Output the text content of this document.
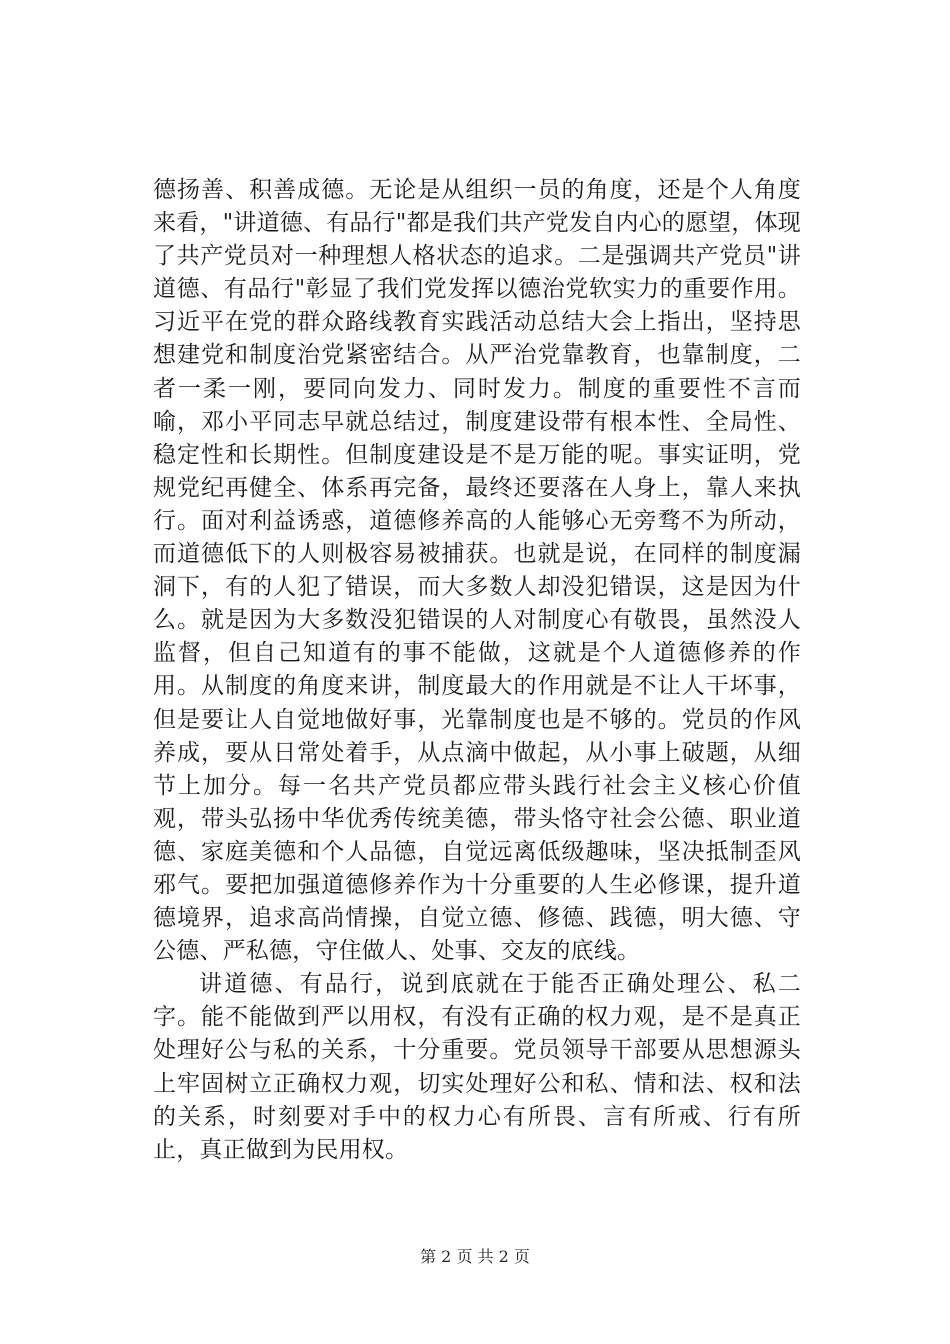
德扬善、积善成德。无论是从组织一员的角度，还是个人角度来看，"讲道德、有品行"都是我们共产党发自内心的愿望，体现了共产党员对一种理想人格状态的追求。二是强调共产党员"讲道德、有品行"彰显了我们党发挥以德治党软实力的重要作用。习近平在党的群众路线教育实践活动总结大会上指出，坚持思想建党和制度治党紧密结合。从严治党靠教育，也靠制度，二者一柔一刚，要同向发力、同时发力。制度的重要性不言而喻，邓小平同志早就总结过，制度建设带有根本性、全局性、稳定性和长期性。但制度建设是不是万能的呢。事实证明，党规党纪再健全、体系再完备，最终还要落在人身上，靠人来执行。面对利益诱惑，道德修养高的人能够心无旁骛不为所动，而道德低下的人则极容易被捕获。也就是说，在同样的制度漏洞下，有的人犯了错误，而大多数人却没犯错误，这是因为什么。就是因为大多数没犯错误的人对制度心有敬畏，虽然没人监督，但自己知道有的事不能做，这就是个人道德修养的作用。从制度的角度来讲，制度最大的作用就是不让人干坏事，但是要让人自觉地做好事，光靠制度也是不够的。党员的作风养成，要从日常处着手，从点滴中做起，从小事上破题，从细节上加分。每一名共产党员都应带头践行社会主义核心价值观，带头弘扬中华优秀传统美德，带头恪守社会公德、职业道德、家庭美德和个人品德，自觉远离低级趣味，坚决抵制歪风邪气。要把加强道德修养作为十分重要的人生必修课，提升道德境界，追求高尚情操，自觉立德、修德、践德，明大德、守公德、严私德，守住做人、处事、交友的底线。

讲道德、有品行，说到底就在于能否正确处理公、私二字。能不能做到严以用权，有没有正确的权力观，是不是真正处理好公与私的关系，十分重要。党员领导干部要从思想源头上牢固树立正确权力观，切实处理好公和私、情和法、权和法的关系，时刻要对手中的权力心有所畏、言有所戒、行有所止，真正做到为民用权。

第 2 页 共 2 页
